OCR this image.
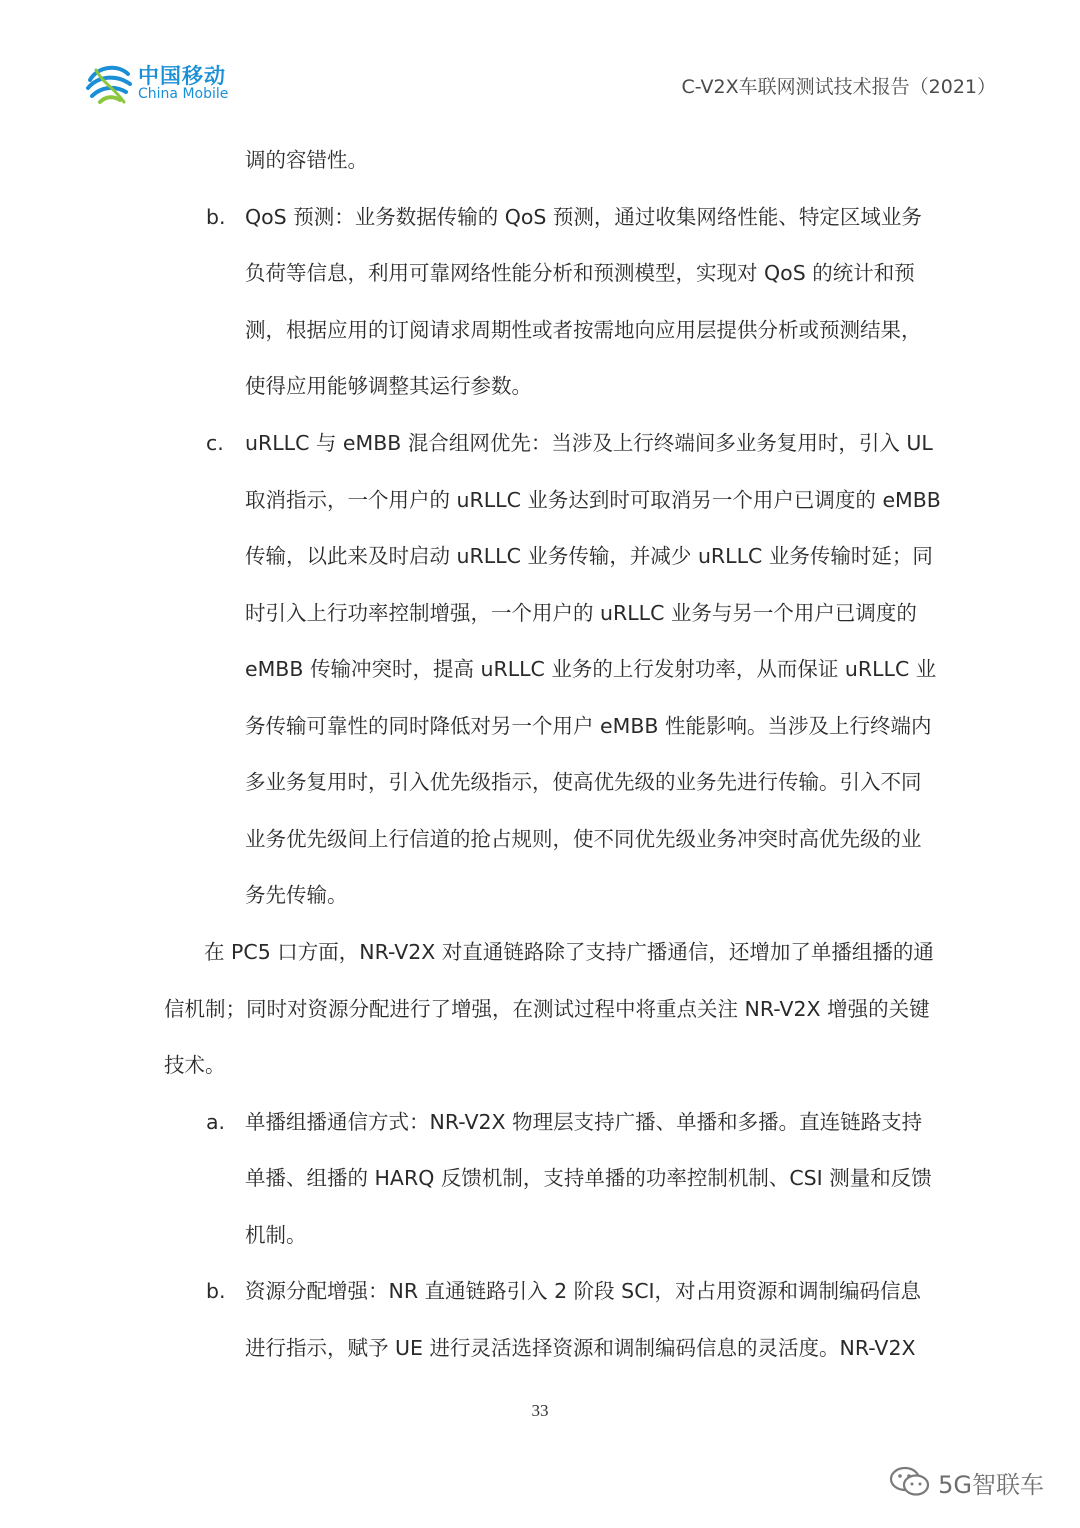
中国移动
China Mobile	C-V2X车联网测试技术报告（2021）
调的容错性。
b. QoS 预测：业务数据传输的 QoS 预测，通过收集网络性能、特定区域业务
负荷等信息，利用可靠网络性能分析和预测模型，实现对 QoS 的统计和预
测，根据应用的订阅请求周期性或者按需地向应用层提供分析或预测结果，
使得应用能够调整其运行参数。
c. uRLLC 与 eMBB 混合组网优先：当涉及上行终端间多业务复用时，引入 UL
取消指示，一个用户的 uRLLC 业务达到时可取消另一个用户已调度的 eMBB
传输，以此来及时启动 uRLLC 业务传输，并减少 uRLLC 业务传输时延；同
时引入上行功率控制增强，一个用户的 uRLLC 业务与另一个用户已调度的
eMBB 传输冲突时，提高 uRLLC 业务的上行发射功率，从而保证 uRLLC 业
务传输可靠性的同时降低对另一个用户 eMBB 性能影响。当涉及上行终端内
多业务复用时，引入优先级指示，使高优先级的业务先进行传输。引入不同
业务优先级间上行信道的抢占规则，使不同优先级业务冲突时高优先级的业
务先传输。
在 PC5 口方面，NR-V2X 对直通链路除了支持广播通信，还增加了单播组播的通
信机制；同时对资源分配进行了增强，在测试过程中将重点关注 NR-V2X 增强的关键
技术。
a. 单播组播通信方式：NR-V2X 物理层支持广播、单播和多播。直连链路支持
单播、组播的 HARQ 反馈机制，支持单播的功率控制机制、CSI 测量和反馈
机制。
b. 资源分配增强：NR 直通链路引入 2 阶段 SCI，对占用资源和调制编码信息
进行指示，赋予 UE 进行灵活选择资源和调制编码信息的灵活度。NR-V2X
33
5G智联车
